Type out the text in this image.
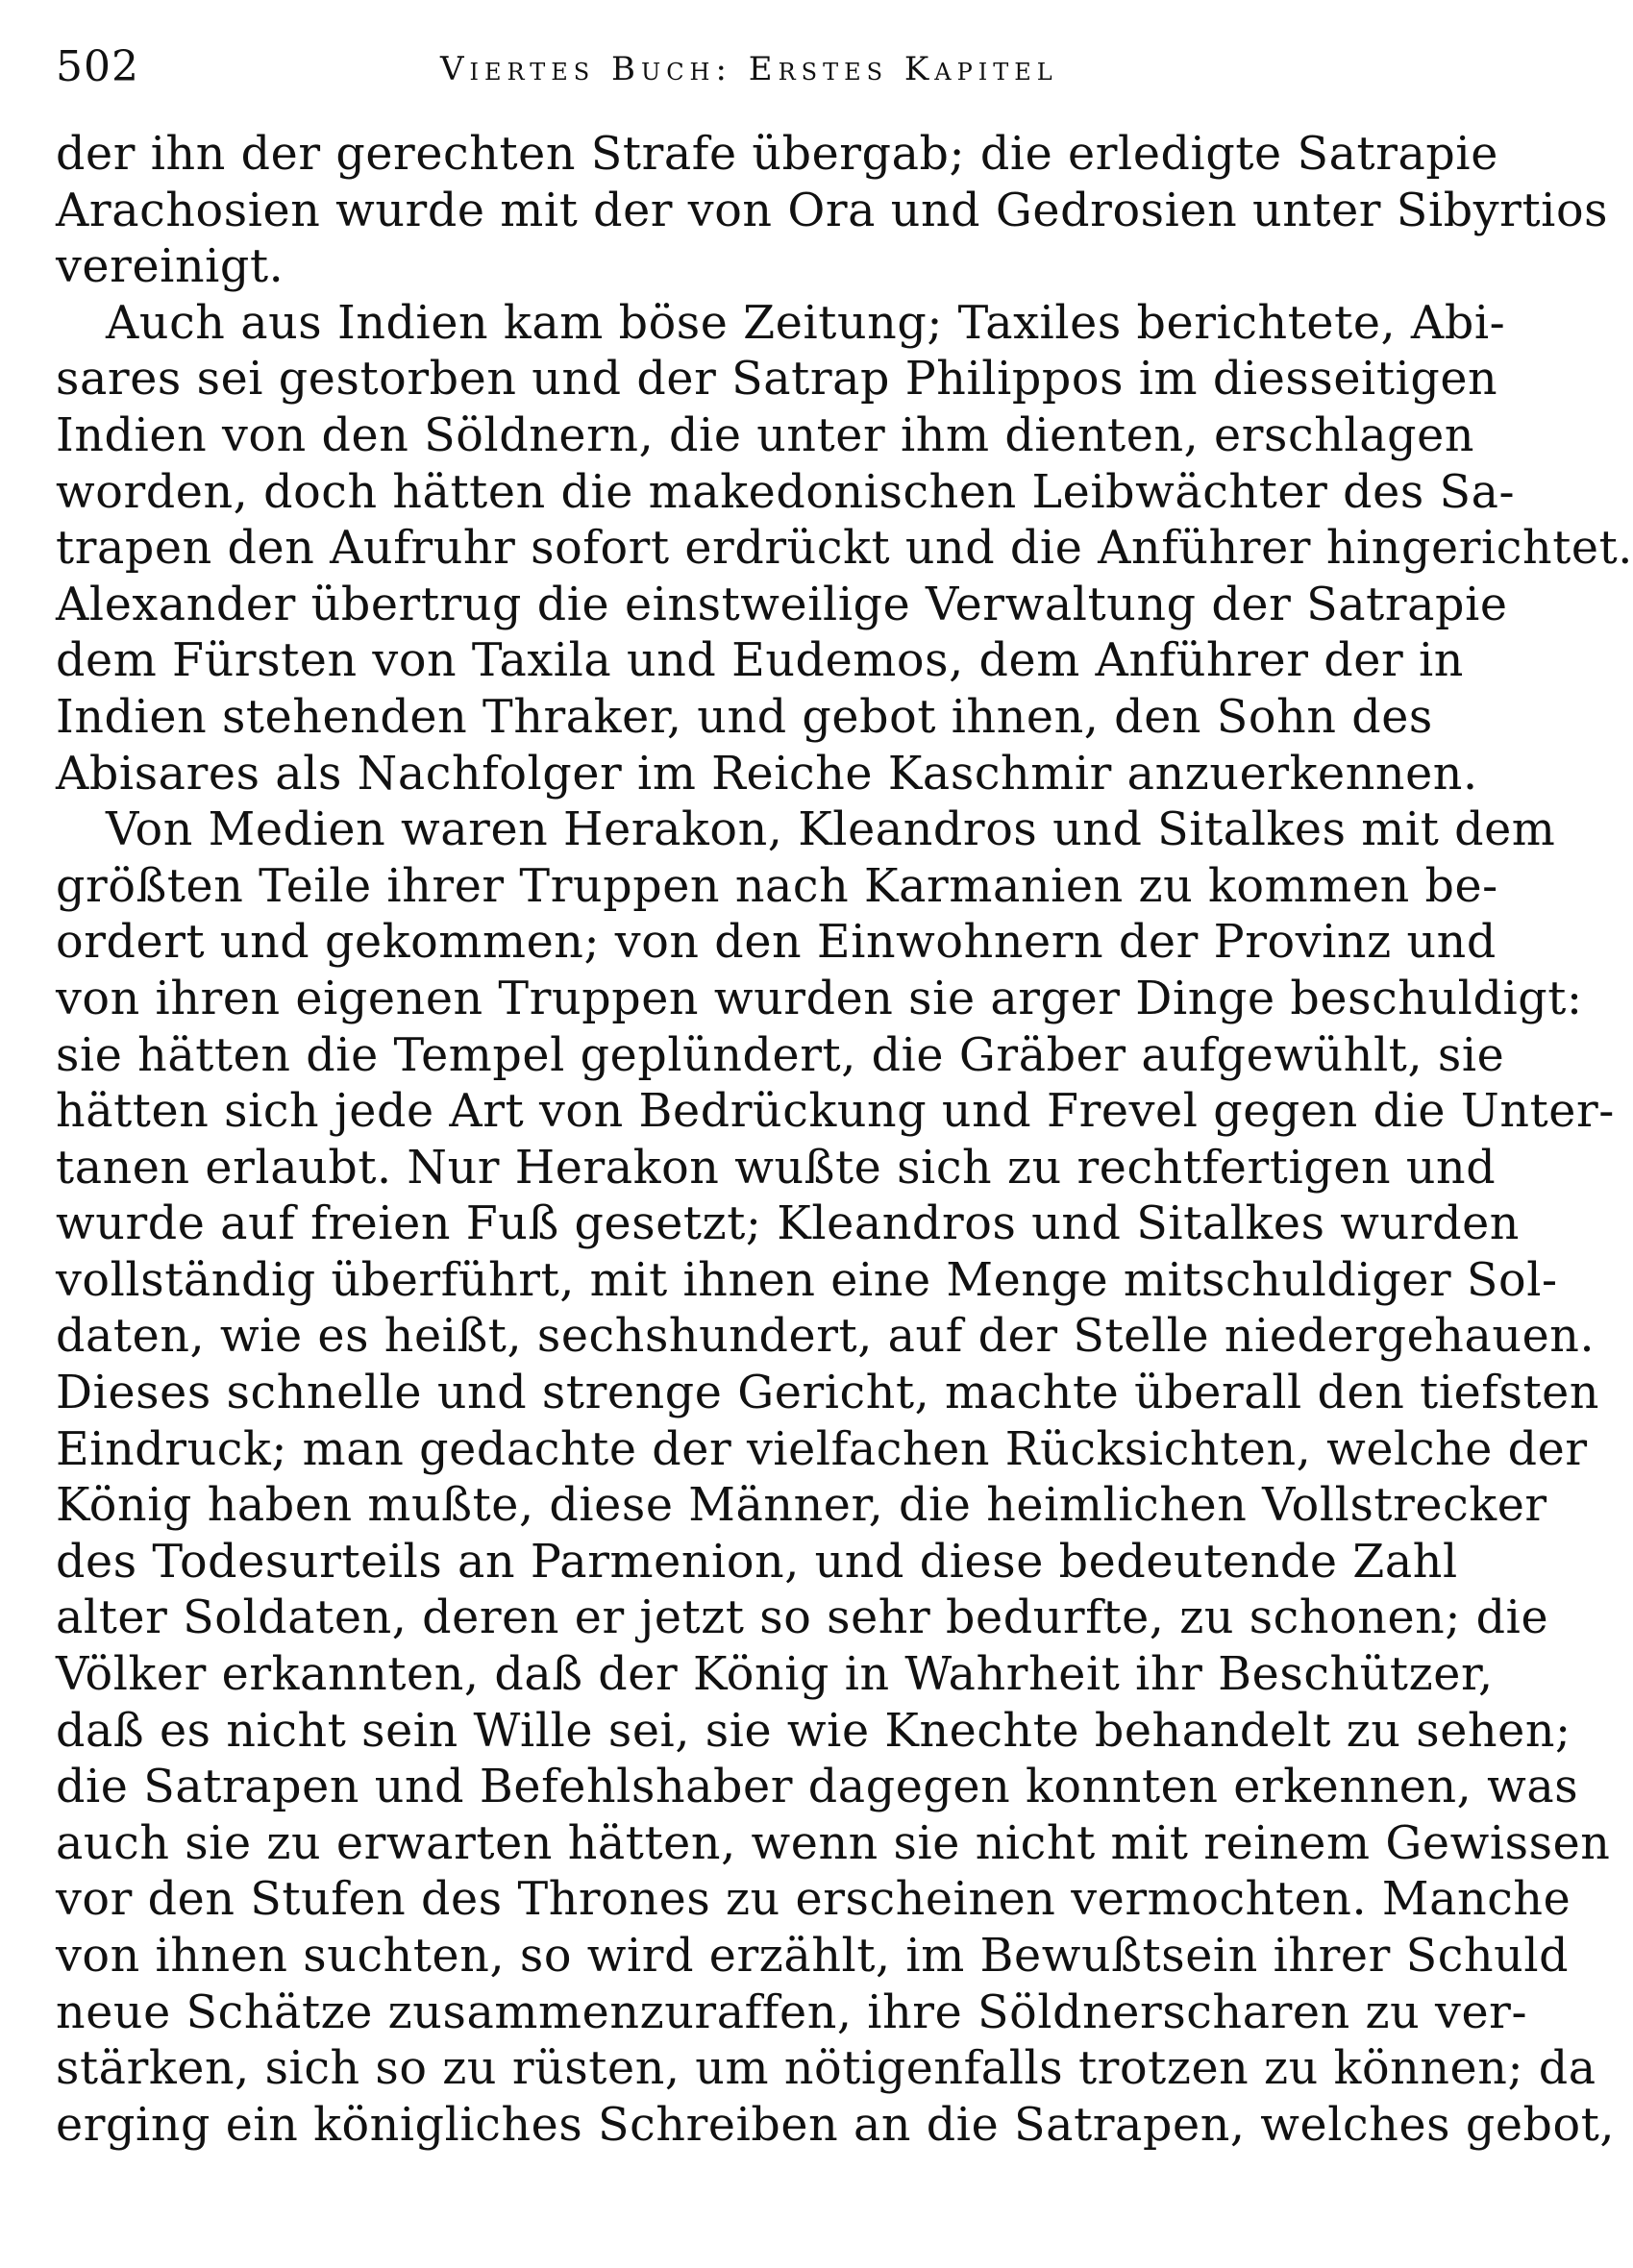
502	Viertes Buch: Erstes Kapitel
der ihn der gerechten Strafe übergab; die erledigte Satrapie
Arachosien wurde mit der von Ora und Gedrosien unter Sibyrtios
vereinigt.
Auch aus Indien kam böse Zeitung; Taxiles berichtete, Abi-
sares sei gestorben und der Satrap Philippos im diesseitigen
Indien von den Söldnern, die unter ihm dienten, erschlagen
worden, doch hätten die makedonischen Leibwächter des Sa-
trapen den Aufruhr sofort erdrückt und die Anführer hingerichtet.
Alexander übertrug die einstweilige Verwaltung der Satrapie
dem Fürsten von Taxila und Eudemos, dem Anführer der in
Indien stehenden Thraker, und gebot ihnen, den Sohn des
Abisares als Nachfolger im Reiche Kaschmir anzuerkennen.
Von Medien waren Herakon, Kleandros und Sitalkes mit dem
größten Teile ihrer Truppen nach Karmanien zu kommen be-
ordert und gekommen; von den Einwohnern der Provinz und
von ihren eigenen Truppen wurden sie arger Dinge beschuldigt:
sie hätten die Tempel geplündert, die Gräber aufgewühlt, sie
hätten sich jede Art von Bedrückung und Frevel gegen die Unter-
tanen erlaubt. Nur Herakon wußte sich zu rechtfertigen und
wurde auf freien Fuß gesetzt; Kleandros und Sitalkes wurden
vollständig überführt, mit ihnen eine Menge mitschuldiger Sol-
daten, wie es heißt, sechshundert, auf der Stelle niedergehauen.
Dieses schnelle und strenge Gericht, machte überall den tiefsten
Eindruck; man gedachte der vielfachen Rücksichten, welche der
König haben mußte, diese Männer, die heimlichen Vollstrecker
des Todesurteils an Parmenion, und diese bedeutende Zahl
alter Soldaten, deren er jetzt so sehr bedurfte, zu schonen; die
Völker erkannten, daß der König in Wahrheit ihr Beschützer,
daß es nicht sein Wille sei, sie wie Knechte behandelt zu sehen;
die Satrapen und Befehlshaber dagegen konnten erkennen, was
auch sie zu erwarten hätten, wenn sie nicht mit reinem Gewissen
vor den Stufen des Thrones zu erscheinen vermochten. Manche
von ihnen suchten, so wird erzählt, im Bewußtsein ihrer Schuld
neue Schätze zusammenzuraffen, ihre Söldnerscharen zu ver-
stärken, sich so zu rüsten, um nötigenfalls trotzen zu können; da
erging ein königliches Schreiben an die Satrapen, welches gebot,
